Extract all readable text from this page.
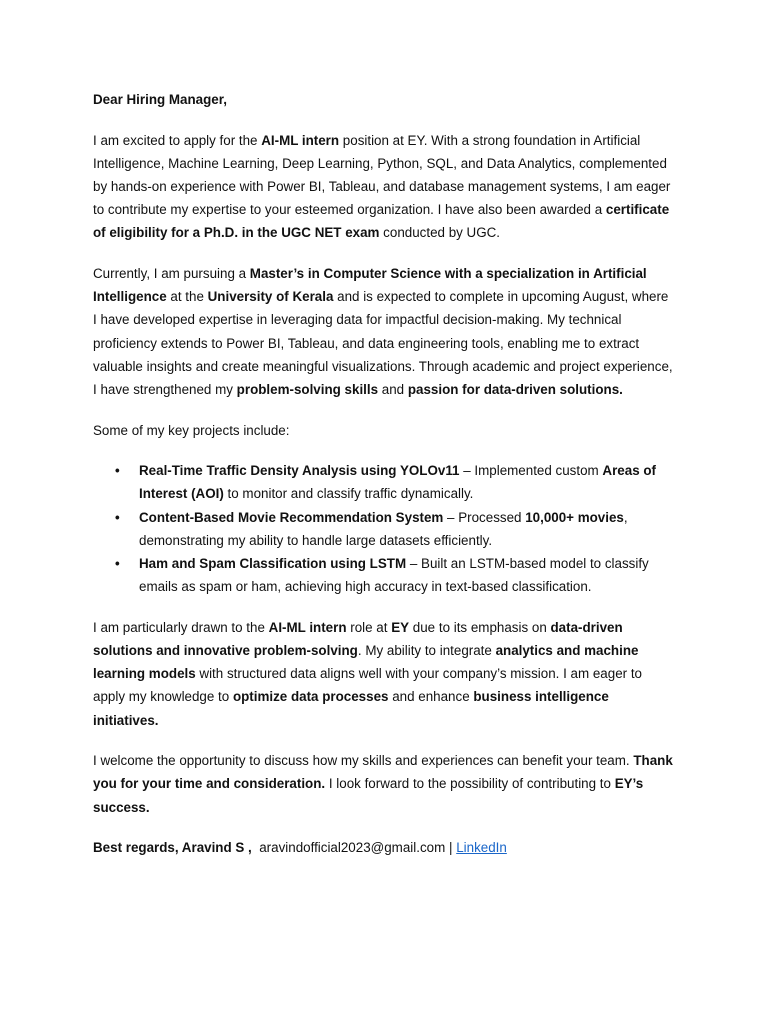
Dear Hiring Manager,

I am excited to apply for the AI-ML intern position at EY. With a strong foundation in Artificial Intelligence, Machine Learning, Deep Learning, Python, SQL, and Data Analytics, complemented by hands-on experience with Power BI, Tableau, and database management systems, I am eager to contribute my expertise to your esteemed organization. I have also been awarded a certificate of eligibility for a Ph.D. in the UGC NET exam conducted by UGC.

Currently, I am pursuing a Master’s in Computer Science with a specialization in Artificial Intelligence at the University of Kerala and is expected to complete in upcoming August, where I have developed expertise in leveraging data for impactful decision-making. My technical proficiency extends to Power BI, Tableau, and data engineering tools, enabling me to extract valuable insights and create meaningful visualizations. Through academic and project experience, I have strengthened my problem-solving skills and passion for data-driven solutions.

Some of my key projects include:

• Real-Time Traffic Density Analysis using YOLOv11 – Implemented custom Areas of Interest (AOI) to monitor and classify traffic dynamically.
• Content-Based Movie Recommendation System – Processed 10,000+ movies, demonstrating my ability to handle large datasets efficiently.
• Ham and Spam Classification using LSTM – Built an LSTM-based model to classify emails as spam or ham, achieving high accuracy in text-based classification.

I am particularly drawn to the AI-ML intern role at EY due to its emphasis on data-driven solutions and innovative problem-solving. My ability to integrate analytics and machine learning models with structured data aligns well with your company’s mission. I am eager to apply my knowledge to optimize data processes and enhance business intelligence initiatives.

I welcome the opportunity to discuss how my skills and experiences can benefit your team. Thank you for your time and consideration. I look forward to the possibility of contributing to EY’s success.

Best regards, Aravind S , aravindofficial2023@gmail.com | LinkedIn
